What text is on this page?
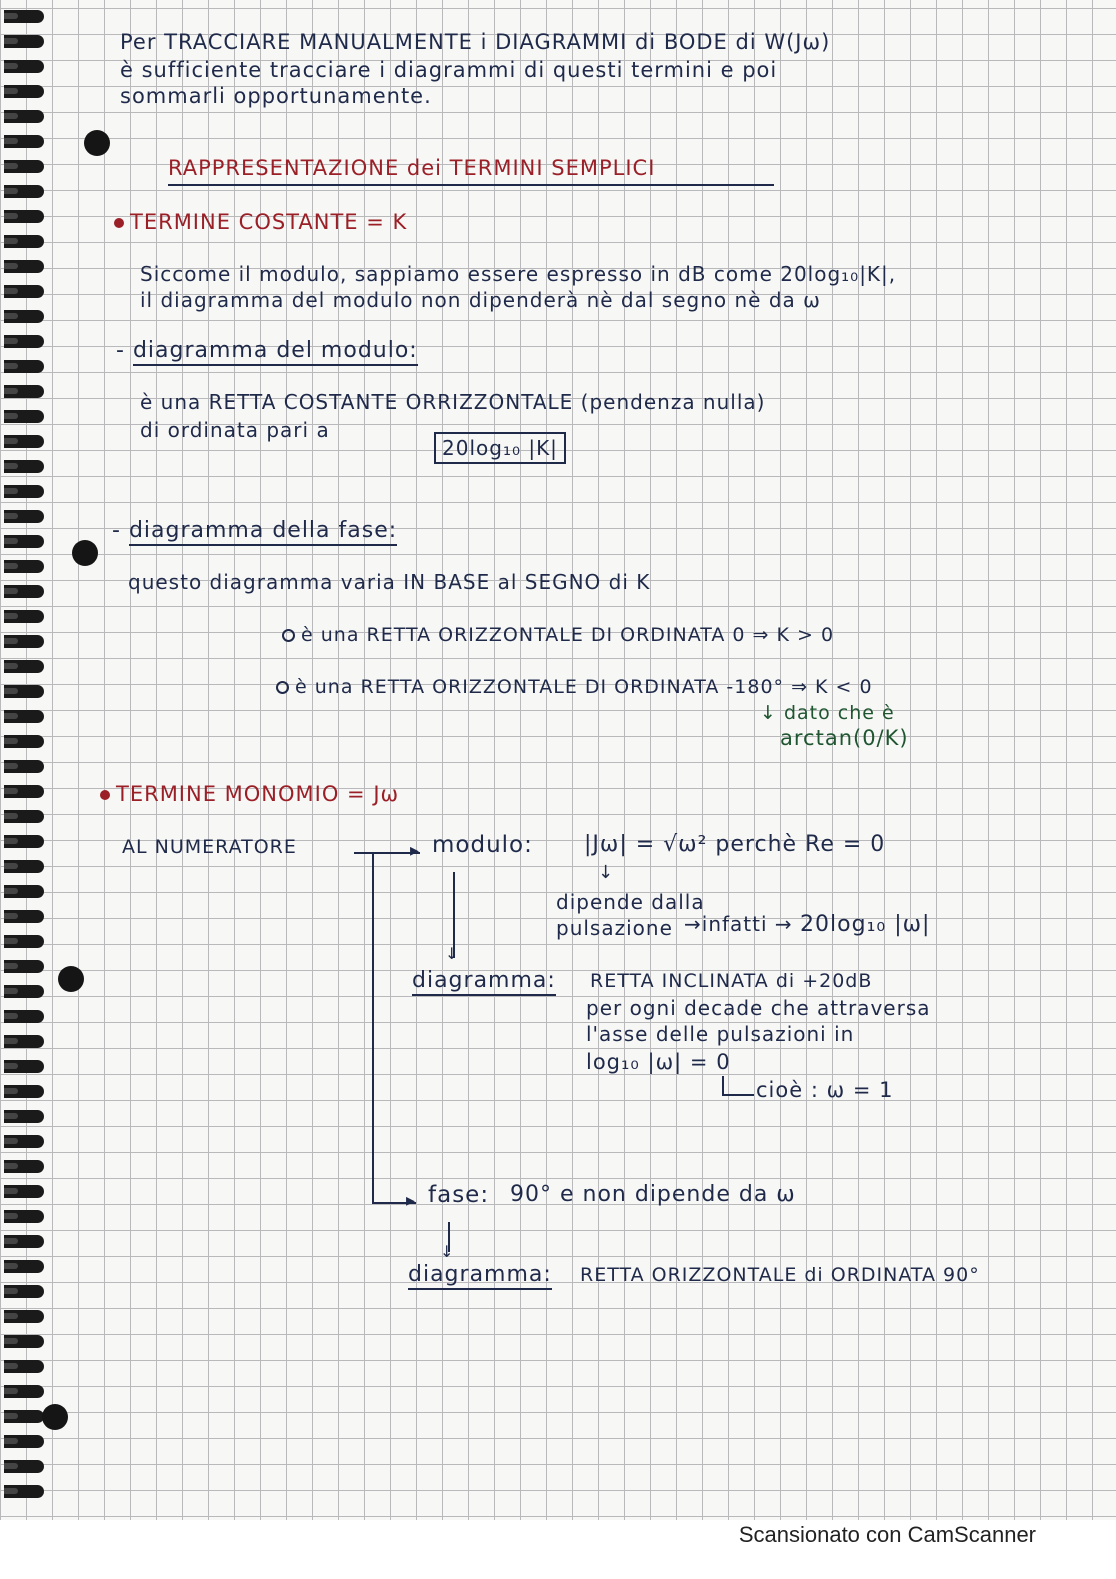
Per TRACCIARE MANUALMENTE i DIAGRAMMI di BODE di W(Jω)
è sufficiente tracciare i diagrammi di questi termini e poi
sommarli opportunamente.
RAPPRESENTAZIONE dei TERMINI SEMPLICI
TERMINE COSTANTE = K
Siccome il modulo, sappiamo essere espresso in dB come 20log₁₀|K|,
il diagramma del modulo non dipenderà nè dal segno nè da ω
- diagramma del modulo:
è una RETTA COSTANTE ORRIZZONTALE (pendenza nulla)
di ordinata pari a
20log₁₀ |K|
- diagramma della fase:
questo diagramma varia IN BASE al SEGNO di K
è una RETTA ORIZZONTALE DI ORDINATA 0 ⇒ K > 0
è una RETTA ORIZZONTALE DI ORDINATA -180° ⇒ K < 0
↓ dato che è
arctan(0/K)
TERMINE MONOMIO = Jω
AL NUMERATORE	▸
▸
↓
modulo: |Jω| = √ω² perchè Re = 0
↓
dipende dalla
pulsazione →infatti → 20log₁₀ |ω|
diagramma: RETTA INCLINATA di +20dB
per ogni decade che attraversa
l'asse delle pulsazioni in
log₁₀ |ω| = 0
cioè : ω = 1
fase: 90° e non dipende da ω
↓
diagramma: RETTA ORIZZONTALE di ORDINATA 90°
Scansionato con CamScanner
